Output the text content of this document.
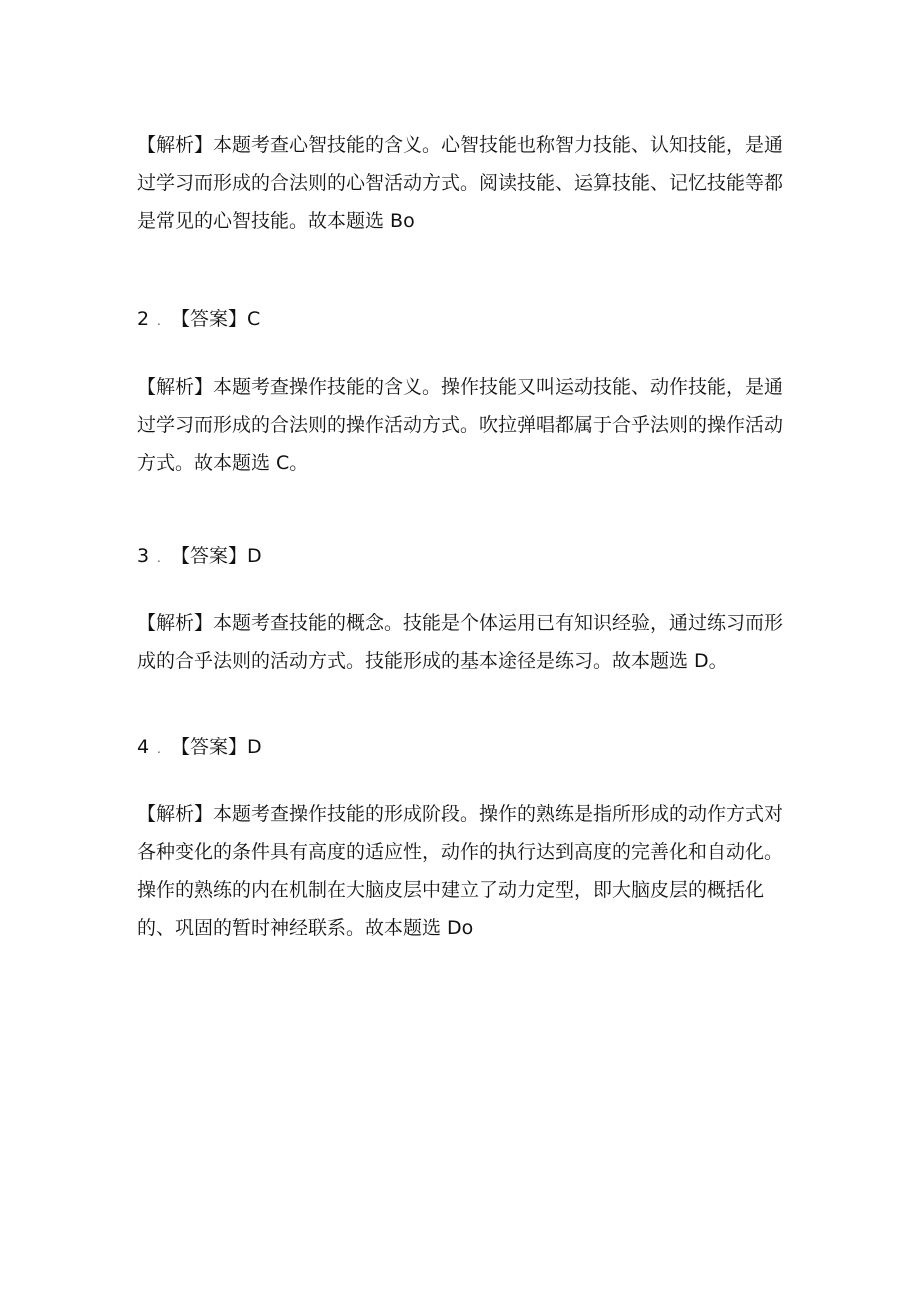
【解析】本题考查心智技能的含义。心智技能也称智力技能、认知技能，是通过学习而形成的合法则的心智活动方式。阅读技能、运算技能、记忆技能等都是常见的心智技能。故本题选 Bo

2 . 【答案】C

【解析】本题考查操作技能的含义。操作技能又叫运动技能、动作技能，是通过学习而形成的合法则的操作活动方式。吹拉弹唱都属于合乎法则的操作活动方式。故本题选 C。

3 . 【答案】D

【解析】本题考查技能的概念。技能是个体运用已有知识经验，通过练习而形成的合乎法则的活动方式。技能形成的基本途径是练习。故本题选 D。

4 . 【答案】D

【解析】本题考查操作技能的形成阶段。操作的熟练是指所形成的动作方式对各种变化的条件具有高度的适应性，动作的执行达到高度的完善化和自动化。操作的熟练的内在机制在大脑皮层中建立了动力定型，即大脑皮层的概括化的、巩固的暂时神经联系。故本题选 Do
